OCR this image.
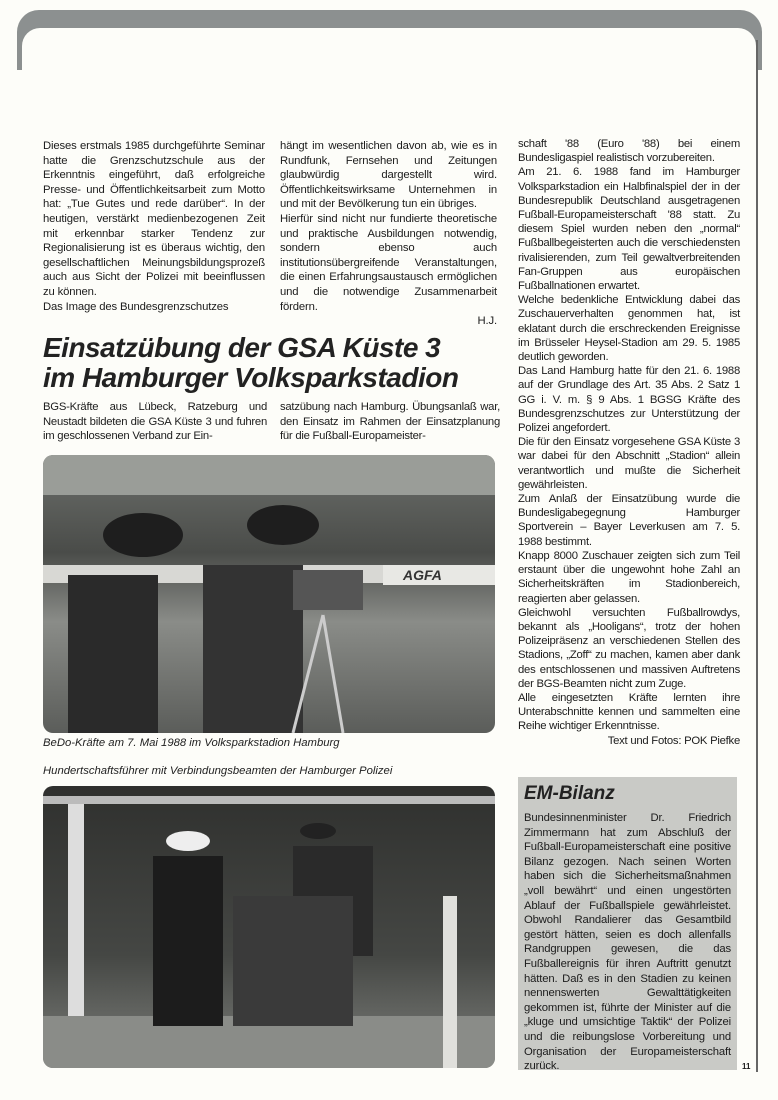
Dieses erstmals 1985 durchgeführte Seminar hatte die Grenzschutzschule aus der Erkenntnis eingeführt, daß erfolgreiche Presse- und Öffentlichkeitsarbeit zum Motto hat: „Tue Gutes und rede darüber“. In der heutigen, verstärkt medienbezogenen Zeit mit erkennbar starker Tendenz zur Regionalisierung ist es überaus wichtig, den gesellschaftlichen Meinungsbildungsprozeß auch aus Sicht der Polizei mit beeinflussen zu können.

Das Image des Bundesgrenzschutzes

hängt im wesentlichen davon ab, wie es in Rundfunk, Fernsehen und Zeitungen glaubwürdig dargestellt wird. Öffentlichkeitswirksame Unternehmen in und mit der Bevölkerung tun ein übriges.

Hierfür sind nicht nur fundierte theoretische und praktische Ausbildungen notwendig, sondern ebenso auch institutionsübergreifende Veranstaltungen, die einen Erfahrungsaustausch ermöglichen und die notwendige Zusammenarbeit fördern.

H.J.

Einsatzübung der GSA Küste 3
im Hamburger Volksparkstadion

BGS-Kräfte aus Lübeck, Ratzeburg und Neustadt bildeten die GSA Küste 3 und fuhren im geschlossenen Verband zur Ein-

satzübung nach Hamburg. Übungsanlaß war, den Einsatz im Rahmen der Einsatzplanung für die Fußball-Europameister-

schaft '88 (Euro '88) bei einem Bundesligaspiel realistisch vorzubereiten.

Am 21. 6. 1988 fand im Hamburger Volksparkstadion ein Halbfinalspiel der in der Bundesrepublik Deutschland ausgetragenen Fußball-Europameisterschaft '88 statt. Zu diesem Spiel wurden neben den „normal“ Fußballbegeisterten auch die verschiedensten rivalisierenden, zum Teil gewaltverbreitenden Fan-Gruppen aus europäischen Fußballnationen erwartet.

Welche bedenkliche Entwicklung dabei das Zuschauerverhalten genommen hat, ist eklatant durch die erschreckenden Ereignisse im Brüsseler Heysel-Stadion am 29. 5. 1985 deutlich geworden.

Das Land Hamburg hatte für den 21. 6. 1988 auf der Grundlage des Art. 35 Abs. 2 Satz 1 GG i. V. m. § 9 Abs. 1 BGSG Kräfte des Bundesgrenzschutzes zur Unterstützung der Polizei angefordert.

Die für den Einsatz vorgesehene GSA Küste 3 war dabei für den Abschnitt „Stadion“ allein verantwortlich und mußte die Sicherheit gewährleisten.

Zum Anlaß der Einsatzübung wurde die Bundesligabegegnung Hamburger Sportverein – Bayer Leverkusen am 7. 5. 1988 bestimmt.

Knapp 8000 Zuschauer zeigten sich zum Teil erstaunt über die ungewohnt hohe Zahl an Sicherheitskräften im Stadionbereich, reagierten aber gelassen.

Gleichwohl versuchten Fußballrowdys, bekannt als „Hooligans“, trotz der hohen Polizeipräsenz an verschiedenen Stellen des Stadions, „Zoff“ zu machen, kamen aber dank des entschlossenen und massiven Auftretens der BGS-Beamten nicht zum Zuge.

Alle eingesetzten Kräfte lernten ihre Unterabschnitte kennen und sammelten eine Reihe wichtiger Erkenntnisse.

Text und Fotos: POK Piefke

AGFA
BeDo-Kräfte am 7. Mai 1988 im Volksparkstadion Hamburg
Hundertschaftsführer mit Verbindungsbeamten der Hamburger Polizei
EM-Bilanz

Bundesinnenminister Dr. Friedrich Zimmermann hat zum Abschluß der Fußball-Europameisterschaft eine positive Bilanz gezogen. Nach seinen Worten haben sich die Sicherheitsmaßnahmen „voll bewährt“ und einen ungestörten Ablauf der Fußballspiele gewährleistet. Obwohl Randalierer das Gesamtbild gestört hätten, seien es doch allenfalls Randgruppen gewesen, die das Fußballereignis für ihren Auftritt genutzt hätten. Daß es in den Stadien zu keinen nennenswerten Gewalttätigkeiten gekommen ist, führte der Minister auf die „kluge und umsichtige Taktik“ der Polizei und die reibungslose Vorbereitung und Organisation der Europameisterschaft zurück.	11
